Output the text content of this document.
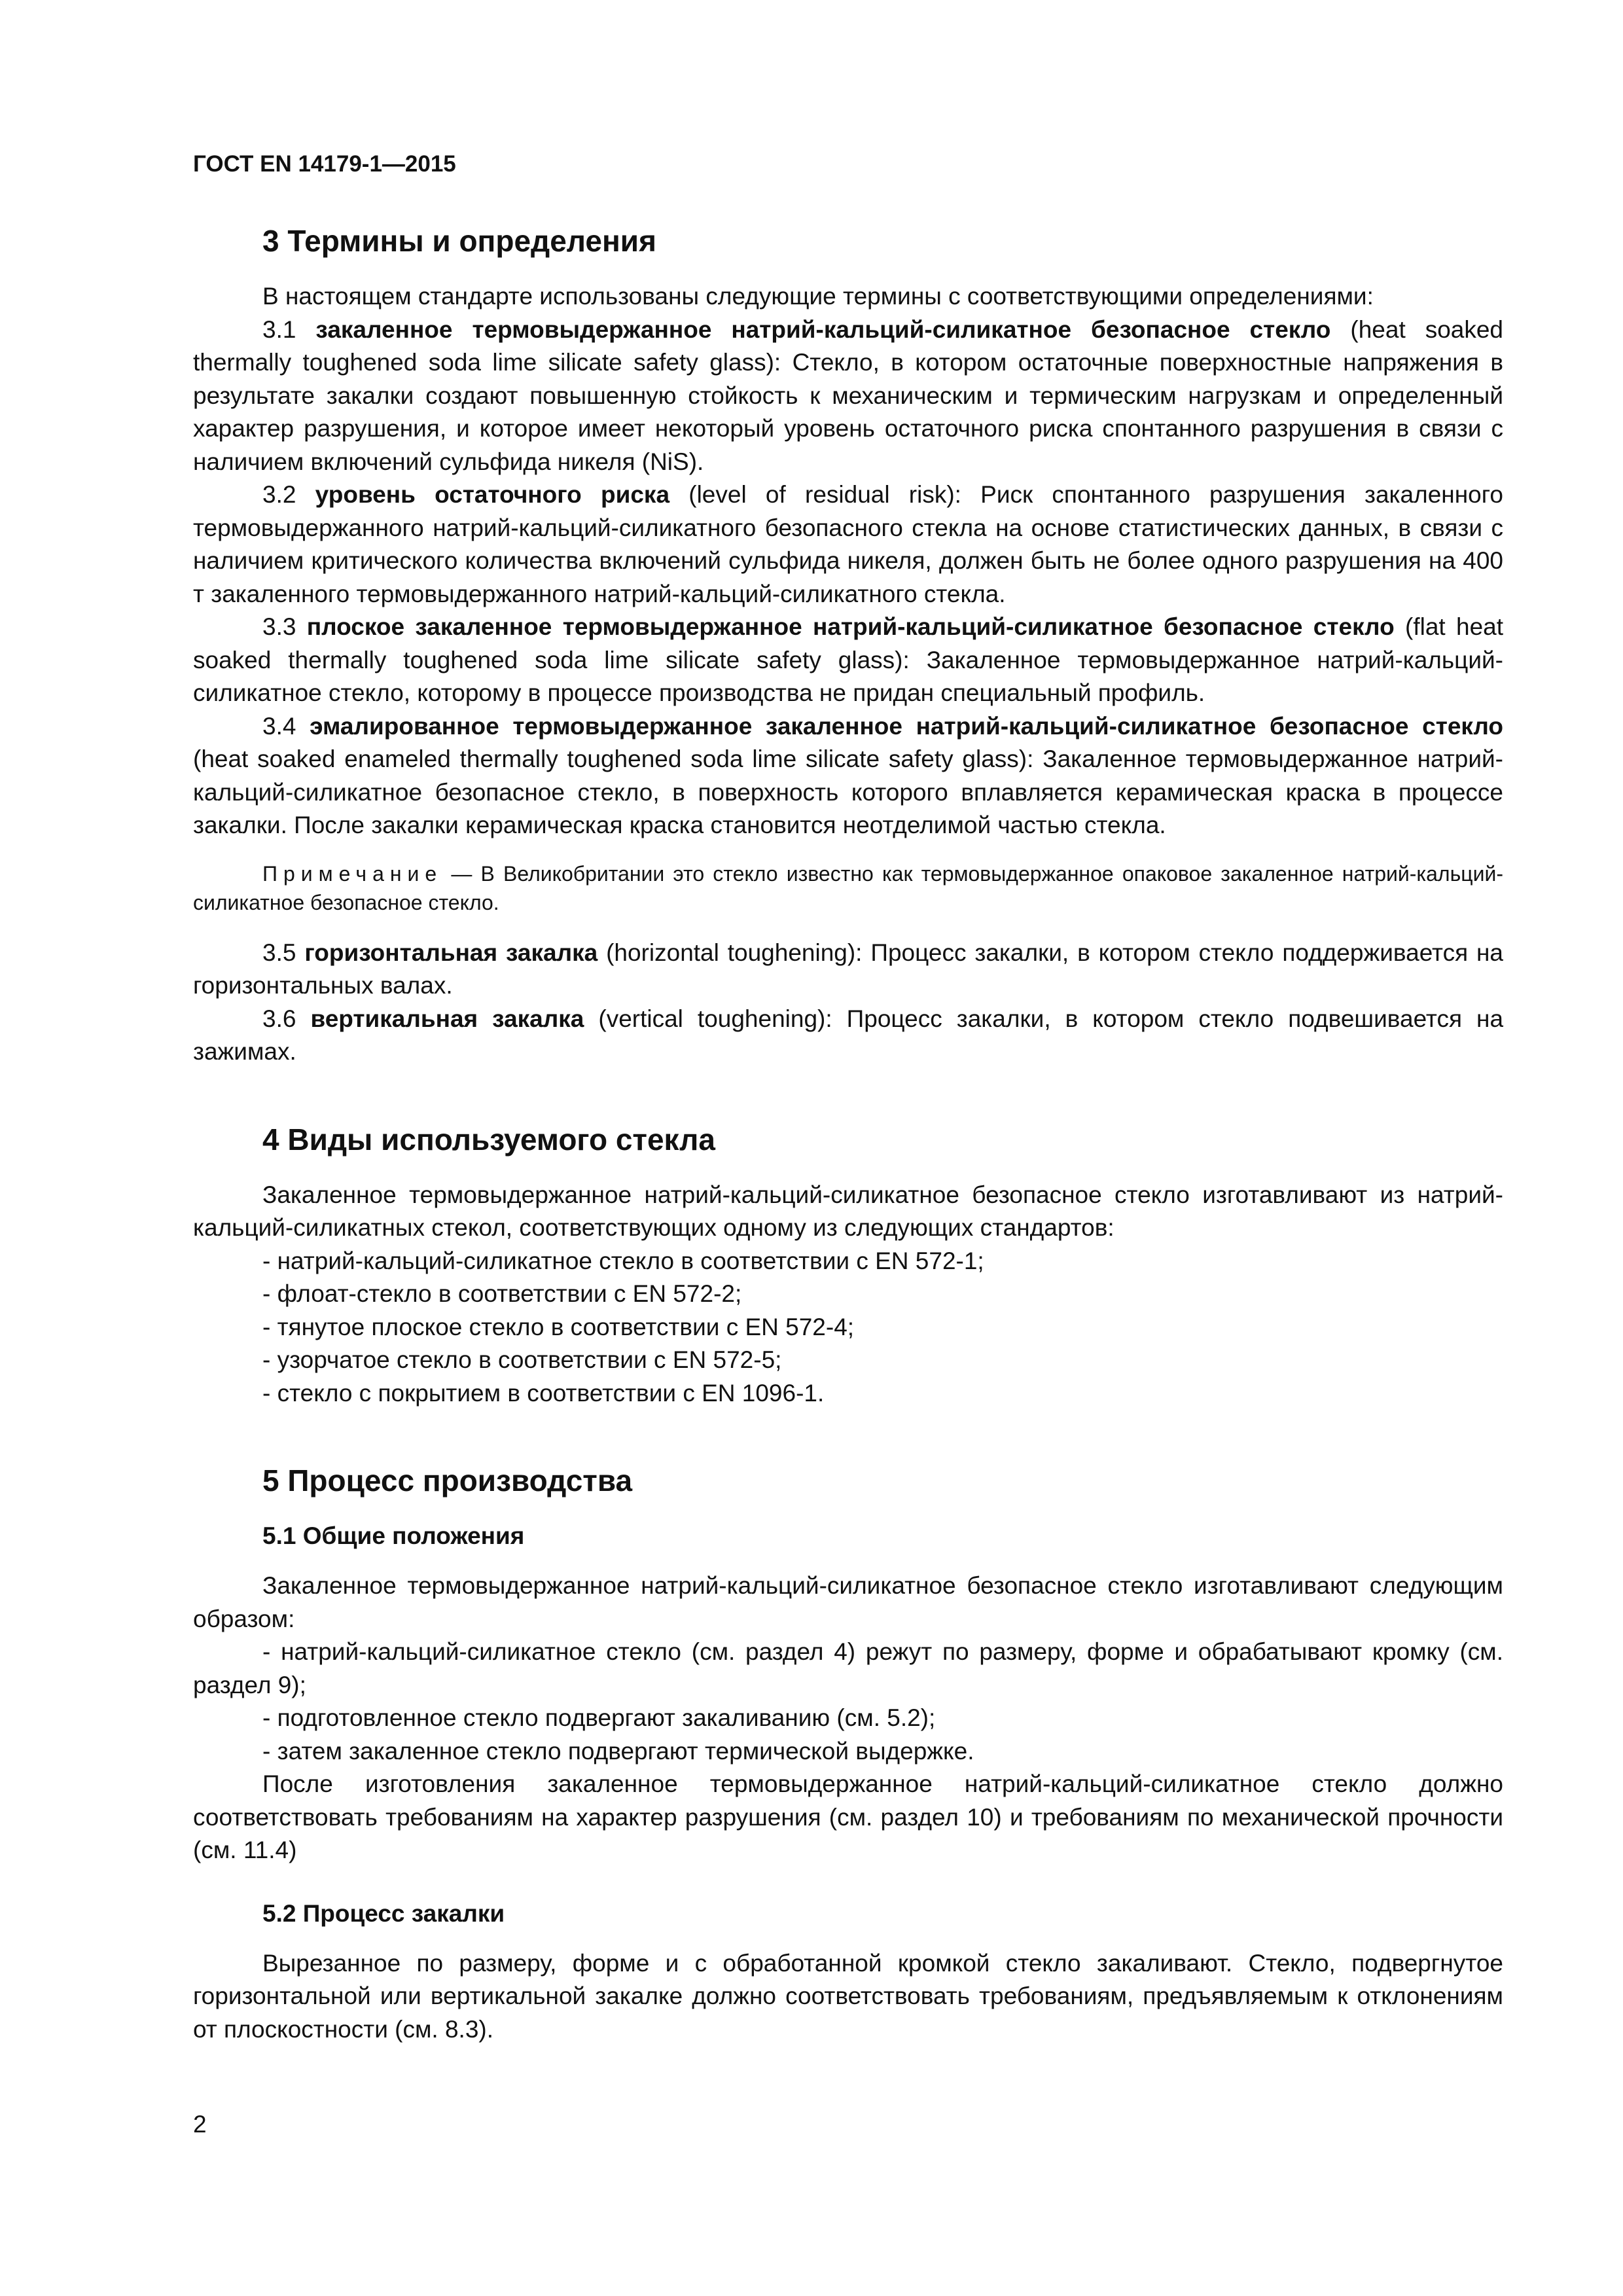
ГОСТ EN 14179-1—2015
3 Термины и определения

В настоящем стандарте использованы следующие термины с соответствующими определениями:

3.1 закаленное термовыдержанное натрий-кальций-силикатное безопасное стекло (heat soaked thermally toughened soda lime silicate safety glass): Стекло, в котором остаточные поверхностные напряжения в результате закалки создают повышенную стойкость к механическим и термическим нагрузкам и определенный характер разрушения, и которое имеет некоторый уровень остаточного риска спонтанного разрушения в связи с наличием включений сульфида никеля (NiS).

3.2 уровень остаточного риска (level of residual risk): Риск спонтанного разрушения закаленного термовыдержанного натрий-кальций-силикатного безопасного стекла на основе статистических данных, в связи с наличием критического количества включений сульфида никеля, должен быть не более одного разрушения на 400 т закаленного термовыдержанного натрий-кальций-силикатного стекла.

3.3 плоское закаленное термовыдержанное натрий-кальций-силикатное безопасное стекло (flat heat soaked thermally toughened soda lime silicate safety glass): Закаленное термовыдержанное натрий-кальций-силикатное стекло, которому в процессе производства не придан специальный профиль.

3.4 эмалированное термовыдержанное закаленное натрий-кальций-силикатное безопасное стекло (heat soaked enameled thermally toughened soda lime silicate safety glass): Закаленное термовыдержанное натрий-кальций-силикатное безопасное стекло, в поверхность которого вплавляется керамическая краска в процессе закалки. После закалки керамическая краска становится неотделимой частью стекла.

Примечание — В Великобритании это стекло известно как термовыдержанное опаковое закаленное натрий-кальций-силикатное безопасное стекло.

3.5 горизонтальная закалка (horizontal toughening): Процесс закалки, в котором стекло поддерживается на горизонтальных валах.

3.6 вертикальная закалка (vertical toughening): Процесс закалки, в котором стекло подвешивается на зажимах.

4 Виды используемого стекла

Закаленное термовыдержанное натрий-кальций-силикатное безопасное стекло изготавливают из натрий-кальций-силикатных стекол, соответствующих одному из следующих стандартов:

- натрий-кальций-силикатное стекло в соответствии с EN 572-1;

- флоат-стекло в соответствии с EN 572-2;

- тянутое плоское стекло в соответствии с EN 572-4;

- узорчатое стекло в соответствии с EN 572-5;

- стекло с покрытием в соответствии с EN 1096-1.

5 Процесс производства
5.1 Общие положения

Закаленное термовыдержанное натрий-кальций-силикатное безопасное стекло изготавливают следующим образом:

- натрий-кальций-силикатное стекло (см. раздел 4) режут по размеру, форме и обрабатывают кромку (см. раздел 9);

- подготовленное стекло подвергают закаливанию (см. 5.2);

- затем закаленное стекло подвергают термической выдержке.

После изготовления закаленное термовыдержанное натрий-кальций-силикатное стекло должно соответствовать требованиям на характер разрушения (см. раздел 10) и требованиям по механической прочности (см. 11.4)

5.2 Процесс закалки

Вырезанное по размеру, форме и с обработанной кромкой стекло закаливают. Стекло, подвергнутое горизонтальной или вертикальной закалке должно соответствовать требованиям, предъявляемым к отклонениям от плоскостности (см. 8.3).

2
